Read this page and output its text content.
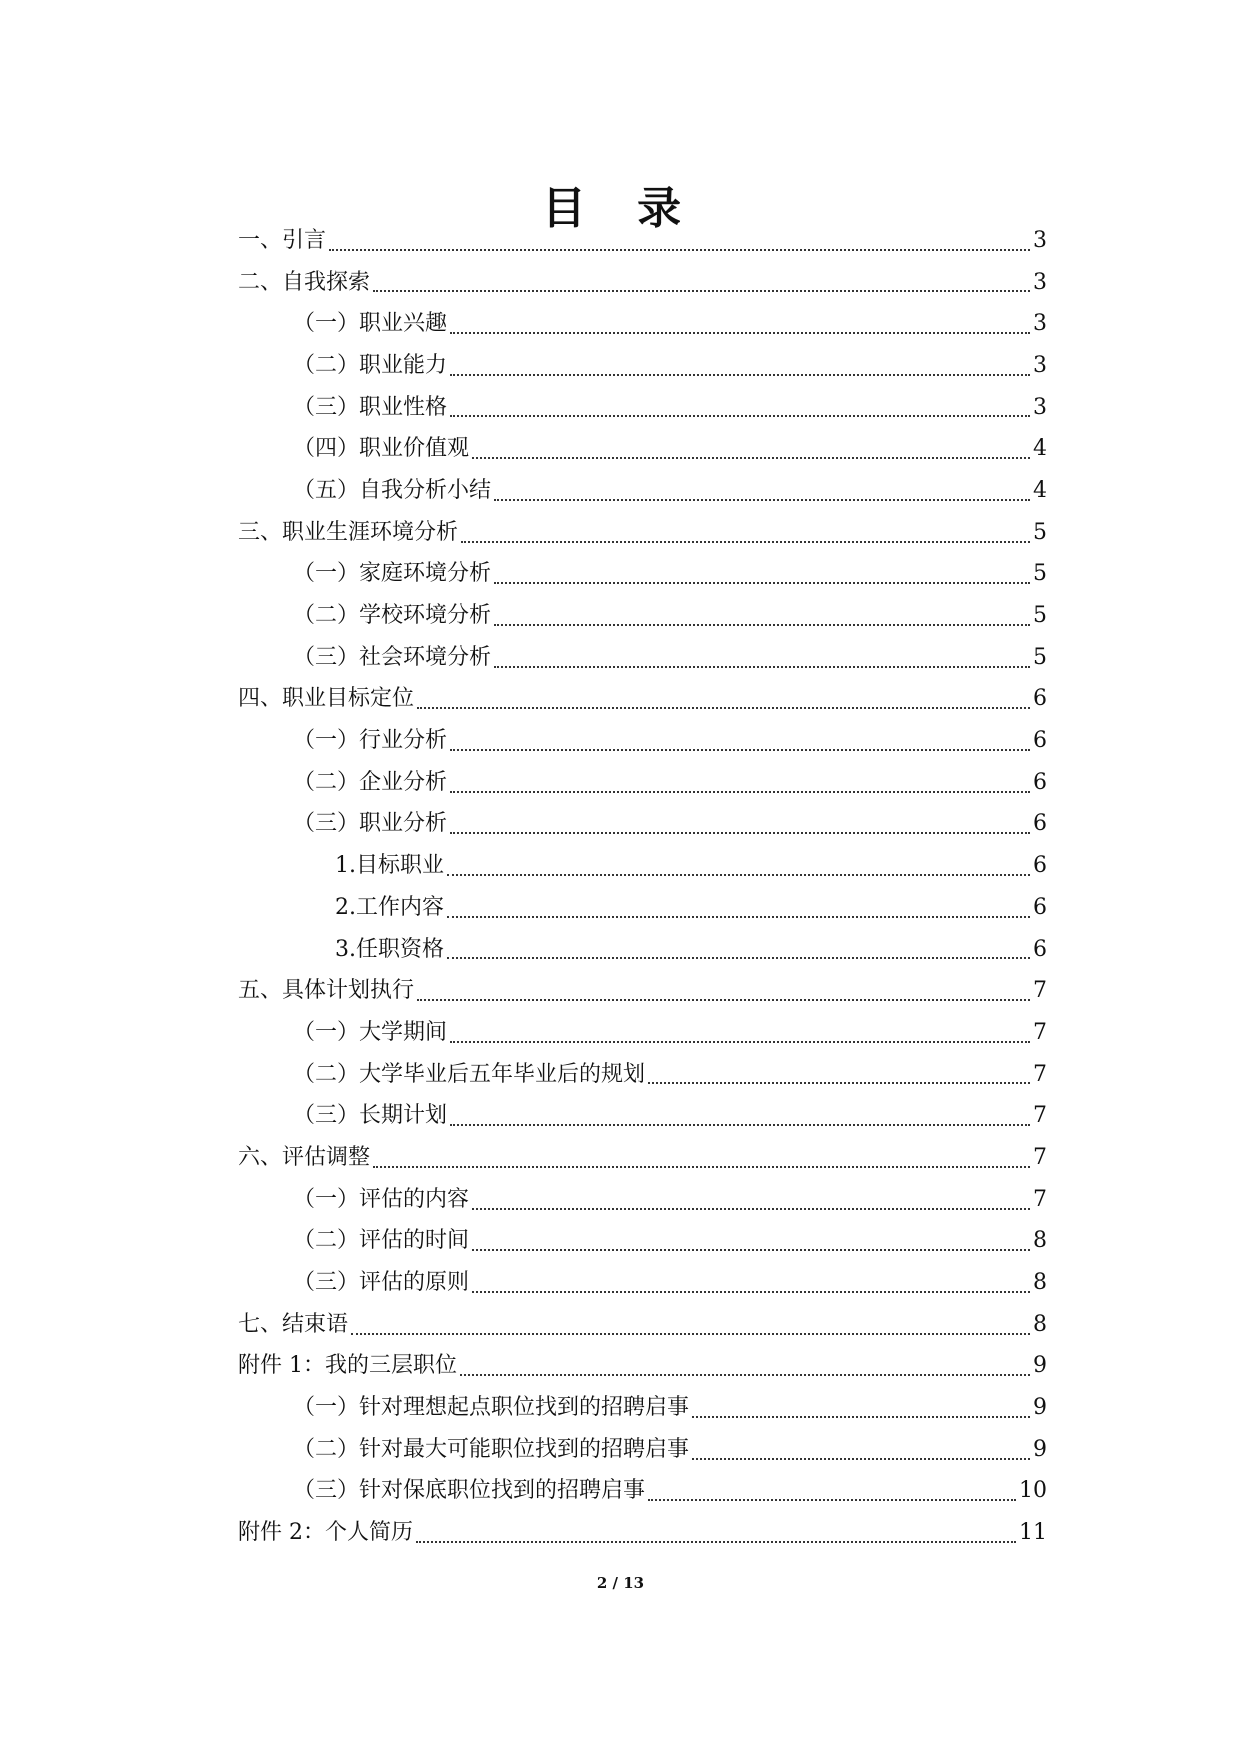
目 录
一、引言	3
二、自我探索	3
（一）职业兴趣	3
（二）职业能力	3
（三）职业性格	3
（四）职业价值观	4
（五）自我分析小结	4
三、职业生涯环境分析	5
（一）家庭环境分析	5
（二）学校环境分析	5
（三）社会环境分析	5
四、职业目标定位	6
（一）行业分析	6
（二）企业分析	6
（三）职业分析	6
1.目标职业	6
2.工作内容	6
3.任职资格	6
五、具体计划执行	7
（一）大学期间	7
（二）大学毕业后五年毕业后的规划	7
（三）长期计划	7
六、评估调整	7
（一）评估的内容	7
（二）评估的时间	8
（三）评估的原则	8
七、结束语	8
附件 1：我的三层职位	9
（一）针对理想起点职位找到的招聘启事	9
（二）针对最大可能职位找到的招聘启事	9
（三）针对保底职位找到的招聘启事	10
附件 2：个人简历	11
2 / 13
